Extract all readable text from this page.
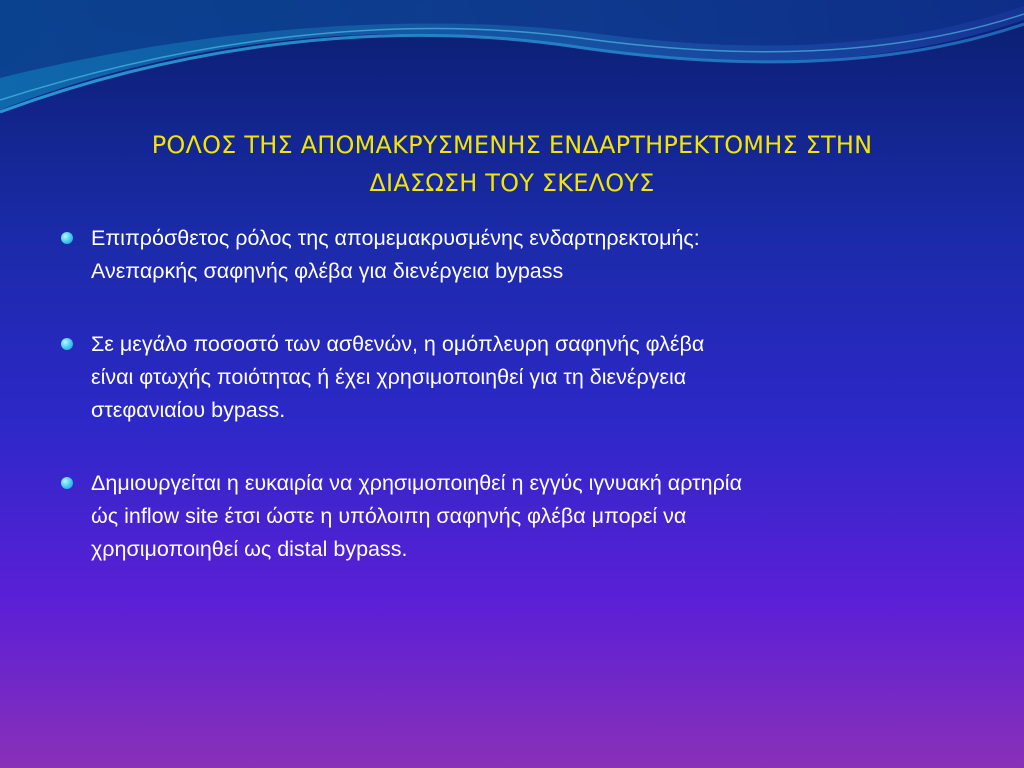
ΡΟΛΟΣ ΤΗΣ ΑΠΟΜΑΚΡΥΣΜΕΝΗΣ ΕΝΔΑΡΤΗΡΕΚΤΟΜΗΣ ΣΤΗΝ
ΔΙΑΣΩΣΗ ΤΟΥ ΣΚΕΛΟΥΣ
Επιπρόσθετος ρόλος της απομεμακρυσμένης ενδαρτηρεκτομής:
Ανεπαρκής σαφηνής φλέβα για διενέργεια bypass
Σε μεγάλο ποσοστό των ασθενών, η ομόπλευρη σαφηνής φλέβα
είναι φτωχής ποιότητας ή έχει χρησιμοποιηθεί για τη διενέργεια
στεφανιαίου bypass.
Δημιουργείται η ευκαιρία να χρησιμοποιηθεί η εγγύς ιγνυακή αρτηρία
ώς inflow site έτσι ώστε η υπόλοιπη σαφηνής φλέβα μπορεί να
χρησιμοποιηθεί ως distal bypass.
